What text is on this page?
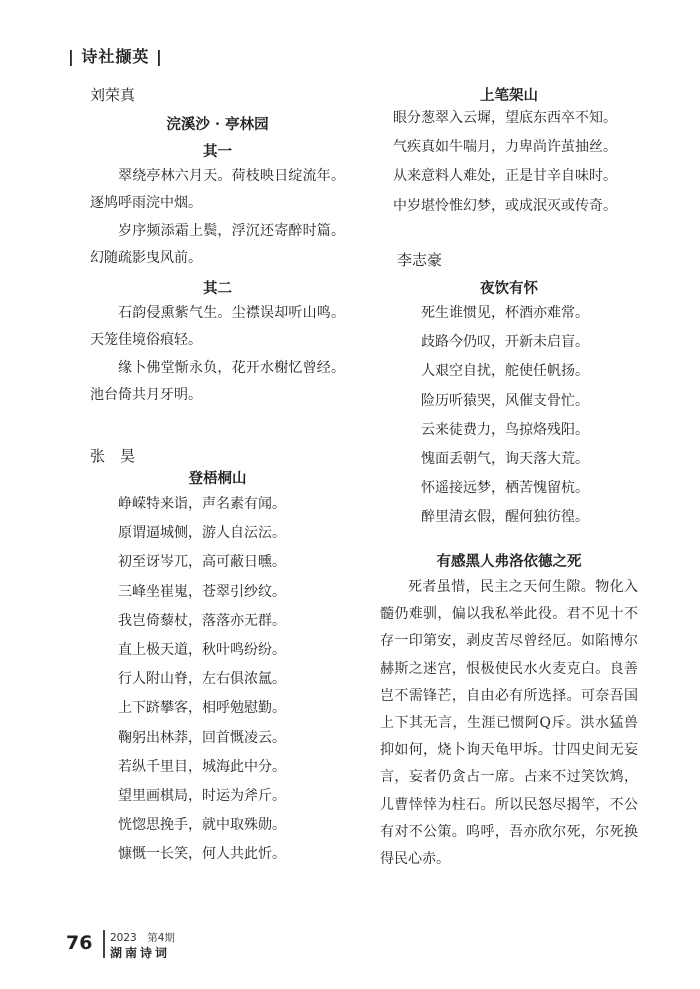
| 诗社撷英 |
刘荣真
浣溪沙 · 亭林园
其一
翠绕亭林六月天。荷枝映日绽流年。逐鸠呼雨浣中烟。
岁序频添霜上鬓，浮沉还寄醉时篇。幻随疏影曳风前。
其二
石韵侵熏紫气生。尘襟误却听山鸣。天笼佳境俗痕轻。
缘卜佛堂惭永负，花开水榭忆曾经。池台倚共月牙明。
张　昊
登梧桐山
峥嵘特来诣，声名素有闻。
原谓逼城侧，游人自沄沄。
初至讶岑兀，高可蔽日曛。
三峰坐崔嵬，苍翠引纱纹。
我岂倚藜杖，落落亦无群。
直上极天道，秋叶鸣纷纷。
行人附山脊，左右俱浓氲。
上下跻攀客，相呼勉慰勤。
鞠躬出林莽，回首慨凌云。
若纵千里目，城海此中分。
望里画棋局，时运为斧斤。
恍惚思挽手，就中取殊勋。
慷慨一长笑，何人共此忻。
上笔架山
眼分葱翠入云墀，望底东西卒不知。
气疾真如牛喘月，力卑尚许茧抽丝。
从来意料人难处，正是甘辛自味时。
中岁堪怜惟幻梦，或成泯灭或传奇。
李志豪
夜饮有怀
死生谁惯见，杯酒亦难常。
歧路今仍叹，开新未启盲。
人艰空自扰，舵使任帆扬。
险历听猿哭，风催支骨忙。
云来徒费力，鸟掠烙残阳。
愧面丢朝气，询天落大荒。
怀遥接远梦，栖苦愧留杭。
醉里清玄假，醒何独彷徨。
有感黑人弗洛依德之死
死者虽惜，民主之天何生隙。物化入髓仍难驯，偏以我私举此役。君不见十不存一印第安，剥皮苦尽曾经厄。如陷博尔赫斯之迷宫，恨极使民水火麦克白。良善岂不需锋芒，自由必有所选择。可奈吾国上下其无言，生涯已惯阿Q斥。洪水猛兽抑如何，烧卜询天龟甲坼。廿四史间无妄言，妄者仍贪占一席。占来不过笑饮鸩，儿曹悻悻为柱石。所以民怒尽揭竿，不公有对不公策。呜呼，吾亦欣尔死，尔死换得民心赤。
76 2023　第4期
湖南诗词
